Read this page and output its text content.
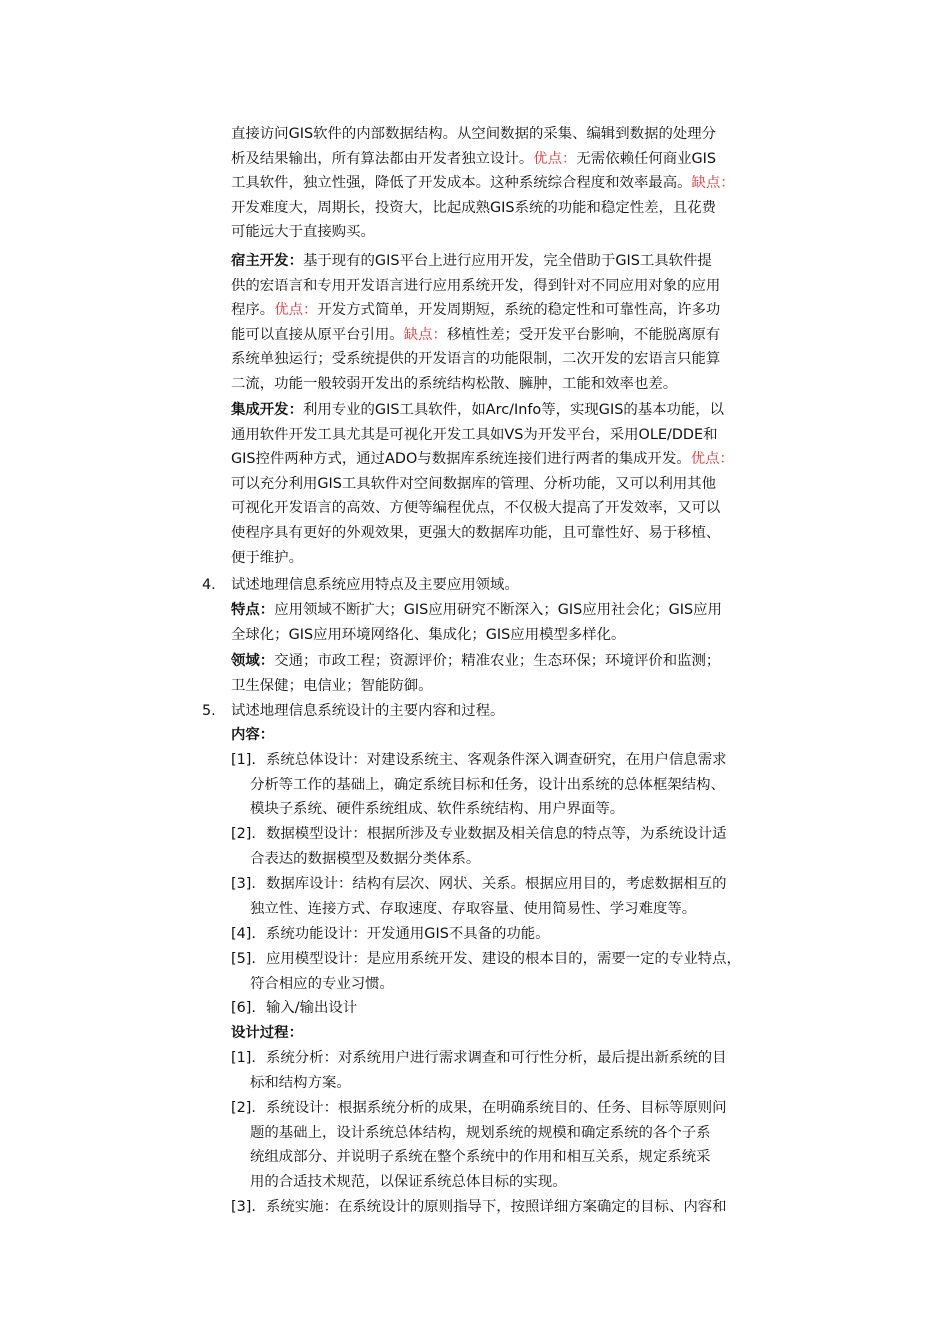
直接访问GIS软件的内部数据结构。从空间数据的采集、编辑到数据的处理分
析及结果输出，所有算法都由开发者独立设计。优点：无需依赖任何商业GIS
工具软件，独立性强，降低了开发成本。这种系统综合程度和效率最高。缺点：
开发难度大，周期长，投资大，比起成熟GIS系统的功能和稳定性差，且花费
可能远大于直接购买。
宿主开发：基于现有的GIS平台上进行应用开发，完全借助于GIS工具软件提
供的宏语言和专用开发语言进行应用系统开发，得到针对不同应用对象的应用
程序。优点：开发方式简单，开发周期短，系统的稳定性和可靠性高，许多功
能可以直接从原平台引用。缺点：移植性差；受开发平台影响，不能脱离原有
系统单独运行；受系统提供的开发语言的功能限制，二次开发的宏语言只能算
二流，功能一般较弱开发出的系统结构松散、臃肿，工能和效率也差。
集成开发：利用专业的GIS工具软件，如Arc/Info等，实现GIS的基本功能，以
通用软件开发工具尤其是可视化开发工具如VS为开发平台，采用OLE/DDE和
GIS控件两种方式，通过ADO与数据库系统连接们进行两者的集成开发。优点：
可以充分利用GIS工具软件对空间数据库的管理、分析功能，又可以利用其他
可视化开发语言的高效、方便等编程优点，不仅极大提高了开发效率，又可以
使程序具有更好的外观效果，更强大的数据库功能，且可靠性好、易于移植、
便于维护。
4. 试述地理信息系统应用特点及主要应用领域。
特点：应用领域不断扩大；GIS应用研究不断深入；GIS应用社会化；GIS应用
全球化；GIS应用环境网络化、集成化；GIS应用模型多样化。
领域：交通；市政工程；资源评价；精准农业；生态环保；环境评价和监测；
卫生保健；电信业；智能防御。
5. 试述地理信息系统设计的主要内容和过程。
内容：
[1]. 系统总体设计：对建设系统主、客观条件深入调查研究，在用户信息需求
分析等工作的基础上，确定系统目标和任务，设计出系统的总体框架结构、
模块子系统、硬件系统组成、软件系统结构、用户界面等。
[2]. 数据模型设计：根据所涉及专业数据及相关信息的特点等，为系统设计适
合表达的数据模型及数据分类体系。
[3]. 数据库设计：结构有层次、网状、关系。根据应用目的，考虑数据相互的
独立性、连接方式、存取速度、存取容量、使用简易性、学习难度等。
[4]. 系统功能设计：开发通用GIS不具备的功能。
[5]. 应用模型设计：是应用系统开发、建设的根本目的，需要一定的专业特点，
符合相应的专业习惯。
[6]. 输入/输出设计
设计过程：
[1]. 系统分析：对系统用户进行需求调查和可行性分析，最后提出新系统的目
标和结构方案。
[2]. 系统设计：根据系统分析的成果，在明确系统目的、任务、目标等原则问
题的基础上，设计系统总体结构，规划系统的规模和确定系统的各个子系
统组成部分、并说明子系统在整个系统中的作用和相互关系，规定系统采
用的合适技术规范，以保证系统总体目标的实现。
[3]. 系统实施：在系统设计的原则指导下，按照详细方案确定的目标、内容和
